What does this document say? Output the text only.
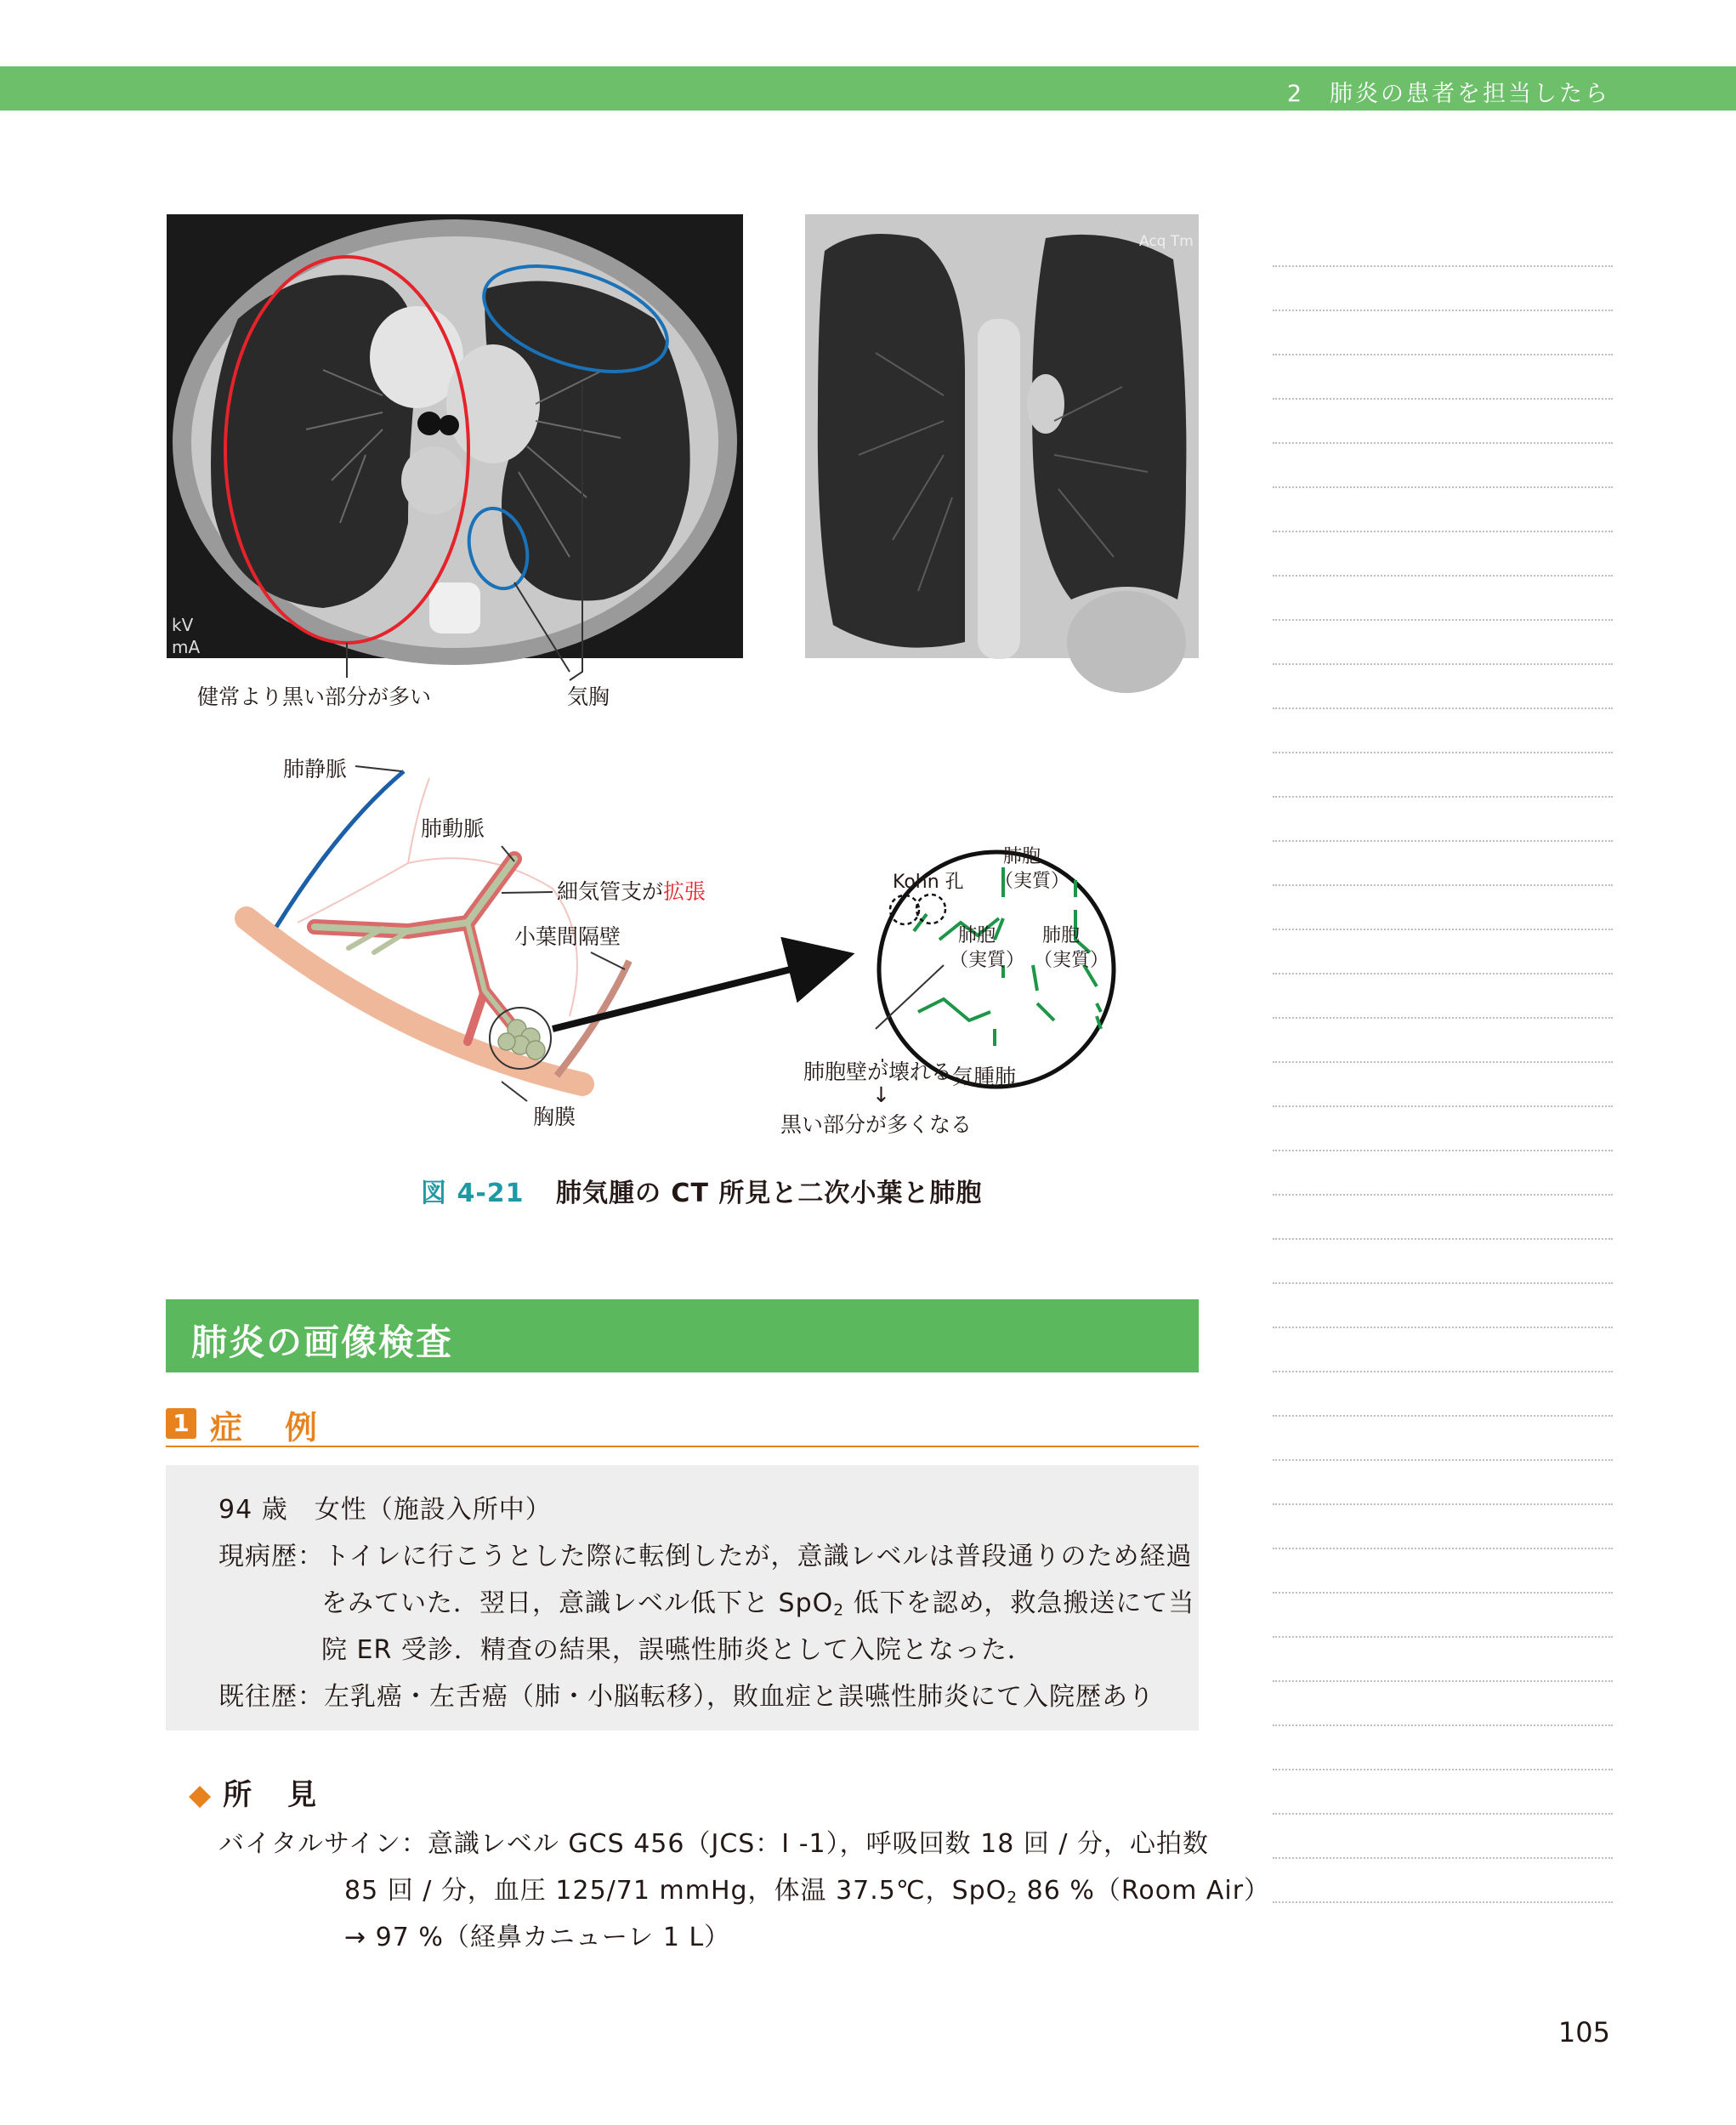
2　肺炎の患者を担当したら
kV
mA
健常より黒い部分が多い	気胸
Acq Tm
肺静脈
肺動脈
細気管支が拡張
小葉間隔壁
胸膜
Kohn 孔
肺胞
（実質）
肺胞
（実質）
肺胞
（実質）
肺胞壁が壊れる
↓
黒い部分が多くなる
気腫肺
図 4-21 肺気腫の CT 所見と二次小葉と肺胞
肺炎の画像検査
1 症　例
94 歳　女性（施設入所中）
現病歴：トイレに行こうとした際に転倒したが，意識レベルは普段通りのため経過
をみていた．翌日，意識レベル低下と SpO$_2$ 低下を認め，救急搬送にて当
院 ER 受診．精査の結果，誤嚥性肺炎として入院となった．
既往歴：左乳癌・左舌癌（肺・小脳転移），敗血症と誤嚥性肺炎にて入院歴あり
◆ 所　見
バイタルサイン：意識レベル GCS 456（JCS：Ⅰ -1），呼吸回数 18 回 / 分，心拍数
85 回 / 分，血圧 125/71 mmHg，体温 37.5℃，SpO$_2$ 86 %（Room Air）
→ 97 %（経鼻カニューレ 1 L）
105
